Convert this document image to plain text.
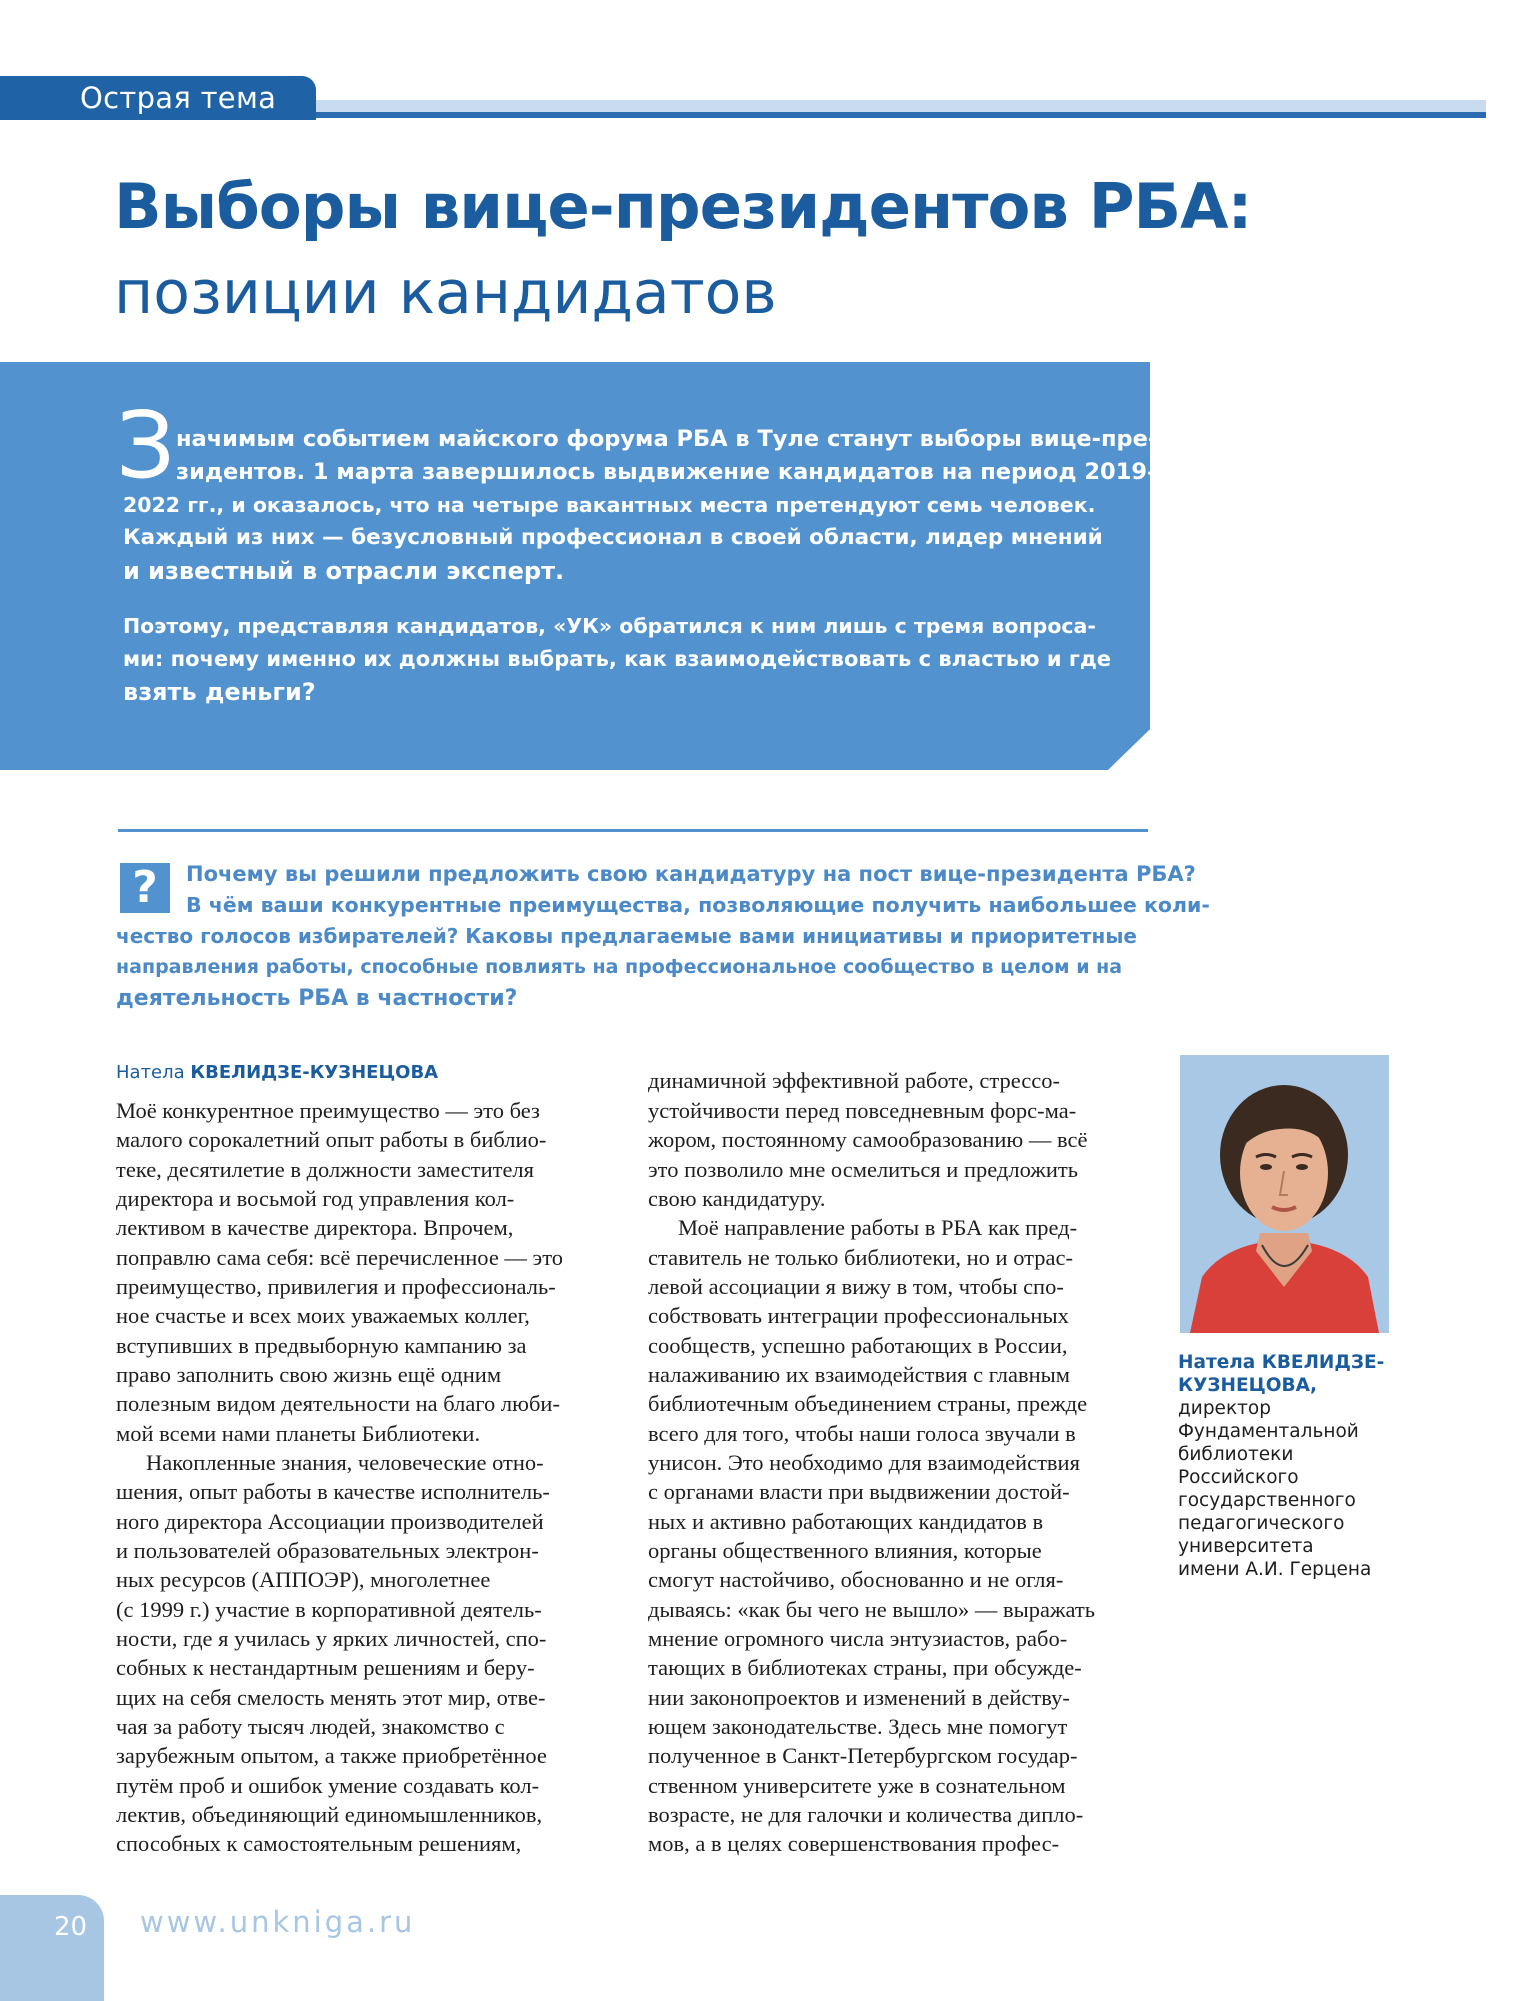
Острая тема
Выборы вице-президентов РБА:
позиции кандидатов
З начимым событием майского форума РБА в Туле станут выборы вице-пре-
зидентов. 1 марта завершилось выдвижение кандидатов на период 2019–
2022 гг., и оказалось, что на четыре вакантных места претендуют семь человек.
Каждый из них — безусловный профессионал в своей области, лидер мнений
и известный в отрасли эксперт.
Поэтому, представляя кандидатов, «УК» обратился к ним лишь с тремя вопроса-
ми: почему именно их должны выбрать, как взаимодействовать с властью и где
взять деньги?
?	Почему вы решили предложить свою кандидатуру на пост вице-президента РБА?
В чём ваши конкурентные преимущества, позволяющие получить наибольшее коли-
чество голосов избирателей? Каковы предлагаемые вами инициативы и приоритетные
направления работы, способные повлиять на профессиональное сообщество в целом и на
деятельность РБА в частности?
Натела КВЕЛИДЗЕ-КУЗНЕЦОВА
Моё конкурентное преимущество — это без
малого сорокалетний опыт работы в библио-
теке, десятилетие в должности заместителя
директора и восьмой год управления кол-
лективом в качестве директора. Впрочем,
поправлю сама себя: всё перечисленное — это
преимущество, привилегия и профессиональ-
ное счастье и всех моих уважаемых коллег,
вступивших в предвыборную кампанию за
право заполнить свою жизнь ещё одним
полезным видом деятельности на благо люби-
мой всеми нами планеты Библиотеки.
Накопленные знания, человеческие отно-
шения, опыт работы в качестве исполнитель-
ного директора Ассоциации производителей
и пользователей образовательных электрон-
ных ресурсов (АППОЭР), многолетнее
(с 1999 г.) участие в корпоративной деятель-
ности, где я училась у ярких личностей, спо-
собных к нестандартным решениям и беру-
щих на себя смелость менять этот мир, отве-
чая за работу тысяч людей, знакомство с
зарубежным опытом, а также приобретённое
путём проб и ошибок умение создавать кол-
лектив, объединяющий единомышленников,
способных к самостоятельным решениям,
динамичной эффективной работе, стрессо-
устойчивости перед повседневным форс-ма-
жором, постоянному самообразованию — всё
это позволило мне осмелиться и предложить
свою кандидатуру.
Моё направление работы в РБА как пред-
ставитель не только библиотеки, но и отрас-
левой ассоциации я вижу в том, чтобы спо-
собствовать интеграции профессиональных
сообществ, успешно работающих в России,
налаживанию их взаимодействия с главным
библиотечным объединением страны, прежде
всего для того, чтобы наши голоса звучали в
унисон. Это необходимо для взаимодействия
с органами власти при выдвижении достой-
ных и активно работающих кандидатов в
органы общественного влияния, которые
смогут настойчиво, обоснованно и не огля-
дываясь: «как бы чего не вышло» — выражать
мнение огромного числа энтузиастов, рабо-
тающих в библиотеках страны, при обсужде-
нии законопроектов и изменений в действу-
ющем законодательстве. Здесь мне помогут
полученное в Санкт-Петербургском государ-
ственном университете уже в сознательном
возрасте, не для галочки и количества дипло-
мов, а в целях совершенствования профес-
Натела КВЕЛИДЗЕ-
КУЗНЕЦОВА,
директор
Фундаментальной
библиотеки
Российского
государственного
педагогического
университета
имени А.И. Герцена
20 www.unkniga.ru
